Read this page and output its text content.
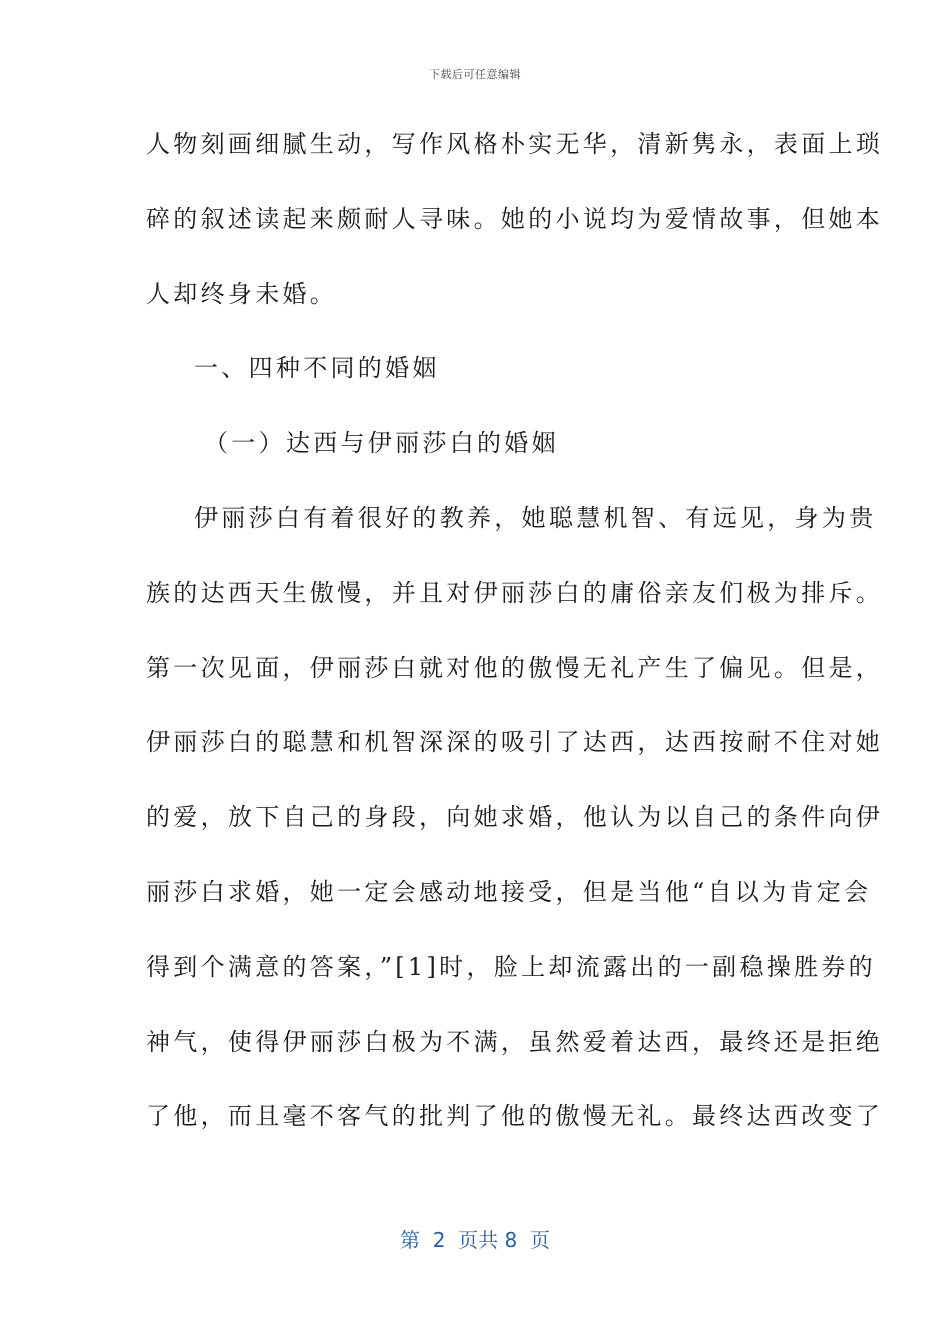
下载后可任意编辑
人物刻画细腻生动，写作风格朴实无华，清新隽永，表面上琐
碎的叙述读起来颇耐人寻味。她的小说均为爱情故事，但她本
人却终身未婚。
一、四种不同的婚姻
（一）达西与伊丽莎白的婚姻
伊丽莎白有着很好的教养，她聪慧机智、有远见，身为贵
族的达西天生傲慢，并且对伊丽莎白的庸俗亲友们极为排斥。
第一次见面，伊丽莎白就对他的傲慢无礼产生了偏见。但是，
伊丽莎白的聪慧和机智深深的吸引了达西，达西按耐不住对她
的爱，放下自己的身段，向她求婚，他认为以自己的条件向伊
丽莎白求婚，她一定会感动地接受，但是当他“自以为肯定会
得到个满意的答案，”[1]时，脸上却流露出的一副稳操胜券的
神气，使得伊丽莎白极为不满，虽然爱着达西，最终还是拒绝
了他，而且毫不客气的批判了他的傲慢无礼。最终达西改变了
第  2  页共 8  页
